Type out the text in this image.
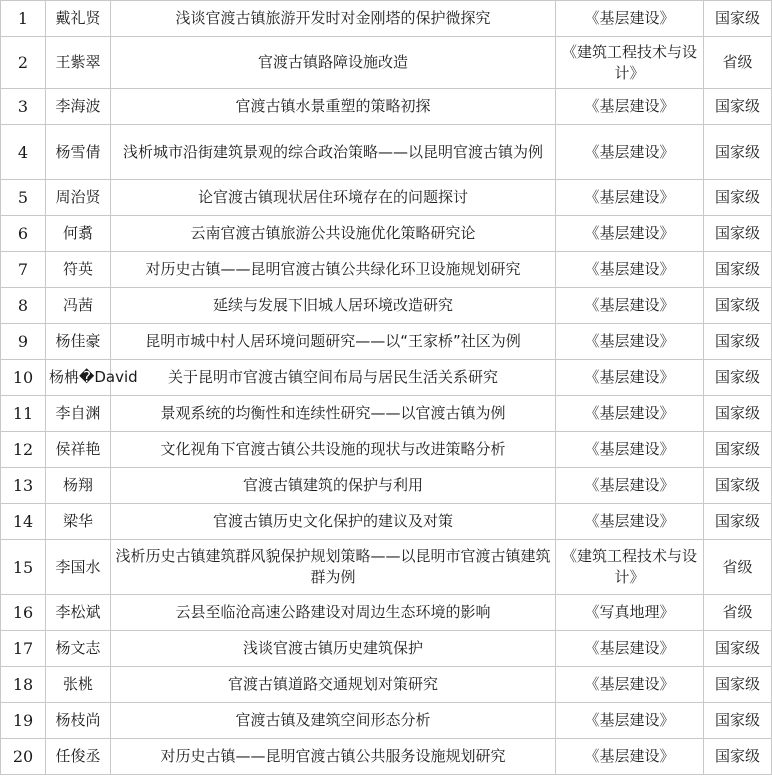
1	戴礼贤	浅谈官渡古镇旅游开发时对金刚塔的保护微探究	《基层建设》	国家级
2	王紫翠	官渡古镇路障设施改造	《建筑工程技术与设计》	省级
3	李海波	官渡古镇水景重塑的策略初探	《基层建设》	国家级
4	杨雪倩	浅析城市沿街建筑景观的综合政治策略——以昆明官渡古镇为例	《基层建设》	国家级
5	周治贤	论官渡古镇现状居住环境存在的问题探讨	《基层建设》	国家级
6	何翥	云南官渡古镇旅游公共设施优化策略研究论	《基层建设》	国家级
7	符英	对历史古镇——昆明官渡古镇公共绿化环卫设施规划研究	《基层建设》	国家级
8	冯茜	延续与发展下旧城人居环境改造研究	《基层建设》	国家级
9	杨佳豪	昆明市城中村人居环境问题研究——以“王家桥”社区为例	《基层建设》	国家级
10	杨柟�David	关于昆明市官渡古镇空间布局与居民生活关系研究	《基层建设》	国家级
11	李自渊	景观系统的均衡性和连续性研究——以官渡古镇为例	《基层建设》	国家级
12	侯祥艳	文化视角下官渡古镇公共设施的现状与改进策略分析	《基层建设》	国家级
13	杨翔	官渡古镇建筑的保护与利用	《基层建设》	国家级
14	梁华	官渡古镇历史文化保护的建议及对策	《基层建设》	国家级
15	李国水	浅析历史古镇建筑群风貌保护规划策略——以昆明市官渡古镇建筑群为例	《建筑工程技术与设计》	省级
16	李松斌	云县至临沧高速公路建设对周边生态环境的影响	《写真地理》	省级
17	杨文志	浅谈官渡古镇历史建筑保护	《基层建设》	国家级
18	张桃	官渡古镇道路交通规划对策研究	《基层建设》	国家级
19	杨枝尚	官渡古镇及建筑空间形态分析	《基层建设》	国家级
20	任俊丞	对历史古镇——昆明官渡古镇公共服务设施规划研究	《基层建设》	国家级
